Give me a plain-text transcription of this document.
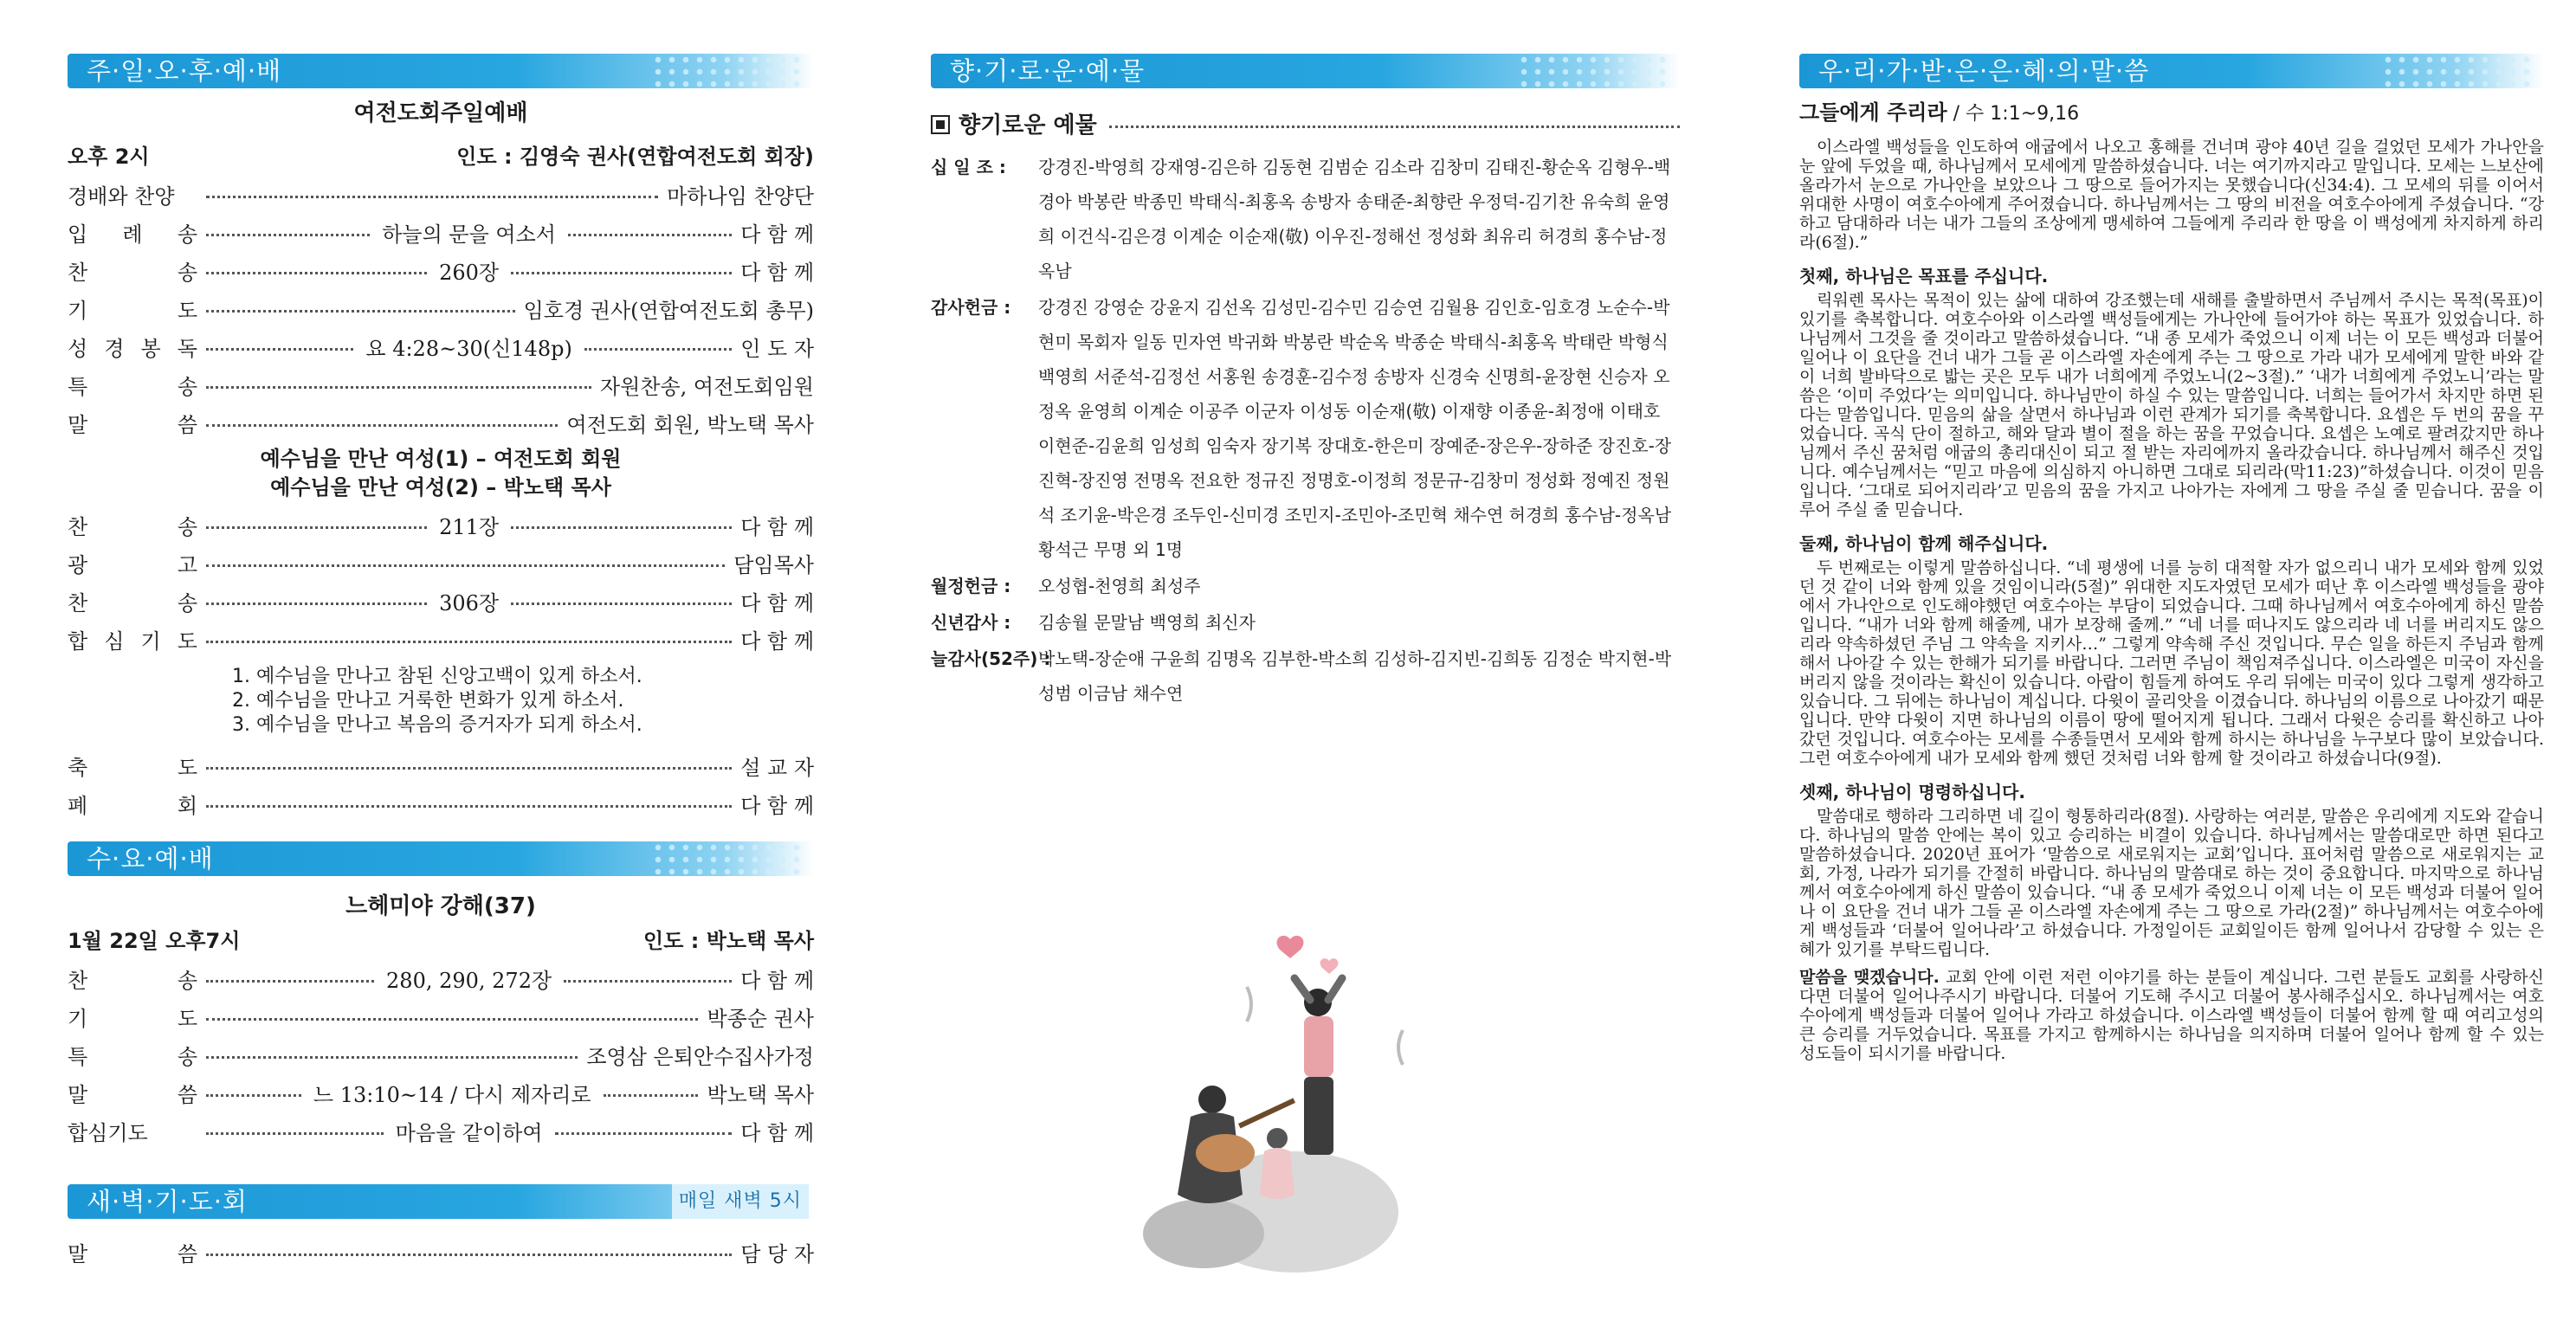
주·일·오·후·예·배
여전도회주일예배
오후 2시	인도 : 김영숙 권사(연합여전도회 회장)
경배와 찬양	마하나임 찬양단
입 례 송	하늘의 문을 여소서	다 함 께
찬	송	260장	다 함 께
기	도	임호경 권사(연합여전도회 총무)
성 경 봉 독	요 4:28~30(신148p)	인 도 자
특	송	자원찬송, 여전도회임원
말	씀	여전도회 회원, 박노택 목사
예수님을 만난 여성(1) – 여전도회 회원
예수님을 만난 여성(2) – 박노택 목사
찬	송	211장	다 함 께
광	고	담임목사
찬	송	306장	다 함 께
합 심 기 도	다 함 께
1. 예수님을 만나고 참된 신앙고백이 있게 하소서.
2. 예수님을 만나고 거룩한 변화가 있게 하소서.
3. 예수님을 만나고 복음의 증거자가 되게 하소서.
축	도	설 교 자
폐	회	다 함 께
수·요·예·배
느헤미야 강해(37)
1월 22일 오후7시	인도 : 박노택 목사
찬	송	280, 290, 272장	다 함 께
기	도	박종순 권사
특	송	조영삼 은퇴안수집사가정
말	씀	느 13:10~14 / 다시 제자리로	박노택 목사
합심기도	마음을 같이하여	다 함 께
새·벽·기·도·회	매일 새벽 5시
말	씀	담 당 자
향·기·로·운·예·물
향기로운 예물
십 일 조 :	강경진-박영희 강재영-김은하 김동현 김범순 김소라 김창미 김태진-황순옥 김형우-백경아 박봉란 박종민 박태식-최홍옥 송방자 송태준-최향란 우정덕-김기찬 유숙희 윤영희 이건식-김은경 이계순 이순재(敬) 이우진-정해선 정성화 최유리 허경희 홍수남-정옥남
감사헌금 :	강경진 강영순 강윤지 김선옥 김성민-김수민 김승연 김월용 김인호-임호경 노순수-박현미 목회자 일동 민자연 박귀화 박봉란 박순옥 박종순 박태식-최홍옥 박태란 박형식 백영희 서준석-김정선 서홍원 송경훈-김수정 송방자 신경숙 신명희-윤장현 신승자 오정옥 윤영희 이계순 이공주 이군자 이성동 이순재(敬) 이재향 이종윤-최정애 이태호 이현준-김윤희 임성희 임숙자 장기복 장대호-한은미 장예준-장은우-장하준 장진호-장진혁-장진영 전명옥 전요한 정규진 정명호-이정희 정문규-김창미 정성화 정예진 정원석 조기윤-박은경 조두인-신미경 조민지-조민아-조민혁 채수연 허경희 홍수남-정옥남 황석근 무명 외 1명
월정헌금 :	오성협-천영희 최성주
신년감사 :	김송월 문말남 백영희 최신자
늘감사(52주) :
박노택-장순애 구윤희 김명옥 김부한-박소희 김성하-김지빈-김희동 김정순 박지현-박성범 이금남 채수연
우·리·가·받·은·은·혜·의·말·씀
그들에게 주리라 / 수 1:1~9,16

이스라엘 백성들을 인도하여 애굽에서 나오고 홍해를 건너며 광야 40년 길을 걸었던 모세가 가나안을 눈 앞에 두었을 때, 하나님께서 모세에게 말씀하셨습니다. 너는 여기까지라고 말입니다. 모세는 느보산에 올라가서 눈으로 가나안을 보았으나 그 땅으로 들어가지는 못했습니다(신34:4). 그 모세의 뒤를 이어서 위대한 사명이 여호수아에게 주어졌습니다. 하나님께서는 그 땅의 비전을 여호수아에게 주셨습니다. “강하고 담대하라 너는 내가 그들의 조상에게 맹세하여 그들에게 주리라 한 땅을 이 백성에게 차지하게 하리라(6절).”

첫째, 하나님은 목표를 주십니다.

릭워렌 목사는 목적이 있는 삶에 대하여 강조했는데 새해를 출발하면서 주님께서 주시는 목적(목표)이 있기를 축복합니다. 여호수아와 이스라엘 백성들에게는 가나안에 들어가야 하는 목표가 있었습니다. 하나님께서 그것을 줄 것이라고 말씀하셨습니다. “내 종 모세가 죽었으니 이제 너는 이 모든 백성과 더불어 일어나 이 요단을 건너 내가 그들 곧 이스라엘 자손에게 주는 그 땅으로 가라 내가 모세에게 말한 바와 같이 너희 발바닥으로 밟는 곳은 모두 내가 너희에게 주었노니(2~3절).” ‘내가 너희에게 주었노니’라는 말씀은 ‘이미 주었다’는 의미입니다. 하나님만이 하실 수 있는 말씀입니다. 너희는 들어가서 차지만 하면 된다는 말씀입니다. 믿음의 삶을 살면서 하나님과 이런 관계가 되기를 축복합니다. 요셉은 두 번의 꿈을 꾸었습니다. 곡식 단이 절하고, 해와 달과 별이 절을 하는 꿈을 꾸었습니다. 요셉은 노예로 팔려갔지만 하나님께서 주신 꿈처럼 애굽의 총리대신이 되고 절 받는 자리에까지 올라갔습니다. 하나님께서 해주신 것입니다. 예수님께서는 “믿고 마음에 의심하지 아니하면 그대로 되리라(막11:23)”하셨습니다. 이것이 믿음입니다. ‘그대로 되어지리라’고 믿음의 꿈을 가지고 나아가는 자에게 그 땅을 주실 줄 믿습니다. 꿈을 이루어 주실 줄 믿습니다.

둘째, 하나님이 함께 해주십니다.

두 번째로는 이렇게 말씀하십니다. “네 평생에 너를 능히 대적할 자가 없으리니 내가 모세와 함께 있었던 것 같이 너와 함께 있을 것임이니라(5절)” 위대한 지도자였던 모세가 떠난 후 이스라엘 백성들을 광야에서 가나안으로 인도해야했던 여호수아는 부담이 되었습니다. 그때 하나님께서 여호수아에게 하신 말씀입니다. “내가 너와 함께 해줄께, 내가 보장해 줄께.” “네 너를 떠나지도 않으리라 네 너를 버리지도 않으리라 약속하셨던 주님 그 약속을 지키사…” 그렇게 약속해 주신 것입니다. 무슨 일을 하든지 주님과 함께 해서 나아갈 수 있는 한해가 되기를 바랍니다. 그러면 주님이 책임져주십니다. 이스라엘은 미국이 자신을 버리지 않을 것이라는 확신이 있습니다. 아랍이 힘들게 하여도 우리 뒤에는 미국이 있다 그렇게 생각하고 있습니다. 그 뒤에는 하나님이 계십니다. 다윗이 골리앗을 이겼습니다. 하나님의 이름으로 나아갔기 때문입니다. 만약 다윗이 지면 하나님의 이름이 땅에 떨어지게 됩니다. 그래서 다윗은 승리를 확신하고 나아갔던 것입니다. 여호수아는 모세를 수종들면서 모세와 함께 하시는 하나님을 누구보다 많이 보았습니다. 그런 여호수아에게 내가 모세와 함께 했던 것처럼 너와 함께 할 것이라고 하셨습니다(9절).

셋째, 하나님이 명령하십니다.

말씀대로 행하라 그리하면 네 길이 형통하리라(8절). 사랑하는 여러분, 말씀은 우리에게 지도와 같습니다. 하나님의 말씀 안에는 복이 있고 승리하는 비결이 있습니다. 하나님께서는 말씀대로만 하면 된다고 말씀하셨습니다. 2020년 표어가 ‘말씀으로 새로워지는 교회’입니다. 표어처럼 말씀으로 새로워지는 교회, 가정, 나라가 되기를 간절히 바랍니다. 하나님의 말씀대로 하는 것이 중요합니다. 마지막으로 하나님께서 여호수아에게 하신 말씀이 있습니다. “내 종 모세가 죽었으니 이제 너는 이 모든 백성과 더불어 일어나 이 요단을 건너 내가 그들 곧 이스라엘 자손에게 주는 그 땅으로 가라(2절)” 하나님께서는 여호수아에게 백성들과 ‘더불어 일어나라’고 하셨습니다. 가정일이든 교회일이든 함께 일어나서 감당할 수 있는 은혜가 있기를 부탁드립니다.

말씀을 맺겠습니다. 교회 안에 이런 저런 이야기를 하는 분들이 계십니다. 그런 분들도 교회를 사랑하신다면 더불어 일어나주시기 바랍니다. 더불어 기도해 주시고 더불어 봉사해주십시오. 하나님께서는 여호수아에게 백성들과 더불어 일어나 가라고 하셨습니다. 이스라엘 백성들이 더불어 함께 할 때 여리고성의 큰 승리를 거두었습니다. 목표를 가지고 함께하시는 하나님을 의지하며 더불어 일어나 함께 할 수 있는 성도들이 되시기를 바랍니다.
